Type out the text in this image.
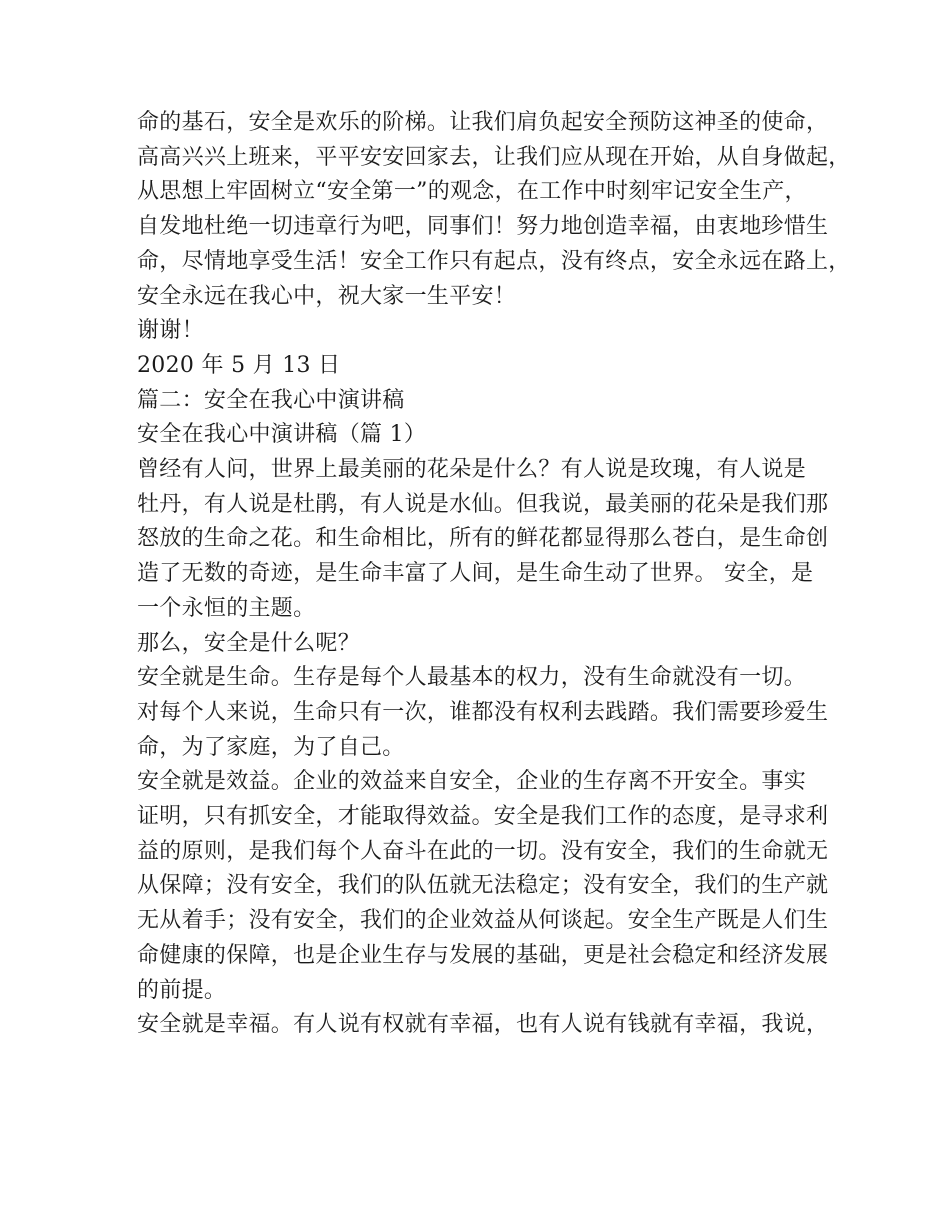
命的基石，安全是欢乐的阶梯。让我们肩负起安全预防这神圣的使命，
高高兴兴上班来，平平安安回家去，让我们应从现在开始，从自身做起，
从思想上牢固树立“安全第一”的观念，在工作中时刻牢记安全生产，
自发地杜绝一切违章行为吧，同事们！努力地创造幸福，由衷地珍惜生
命，尽情地享受生活！安全工作只有起点，没有终点，安全永远在路上，
安全永远在我心中，祝大家一生平安！
谢谢！
2020 年 5 月 13 日
篇二：安全在我心中演讲稿
安全在我心中演讲稿（篇 1）
曾经有人问，世界上最美丽的花朵是什么？有人说是玫瑰，有人说是
牡丹，有人说是杜鹃，有人说是水仙。但我说，最美丽的花朵是我们那
怒放的生命之花。和生命相比，所有的鲜花都显得那么苍白，是生命创
造了无数的奇迹，是生命丰富了人间，是生命生动了世界。 安全，是
一个永恒的主题。
那么，安全是什么呢？
安全就是生命。生存是每个人最基本的权力，没有生命就没有一切。
对每个人来说，生命只有一次，谁都没有权利去践踏。我们需要珍爱生
命，为了家庭，为了自己。
安全就是效益。企业的效益来自安全，企业的生存离不开安全。事实
证明，只有抓安全，才能取得效益。安全是我们工作的态度，是寻求利
益的原则，是我们每个人奋斗在此的一切。没有安全，我们的生命就无
从保障；没有安全，我们的队伍就无法稳定；没有安全，我们的生产就
无从着手；没有安全，我们的企业效益从何谈起。安全生产既是人们生
命健康的保障，也是企业生存与发展的基础，更是社会稳定和经济发展
的前提。
安全就是幸福。有人说有权就有幸福，也有人说有钱就有幸福，我说，
